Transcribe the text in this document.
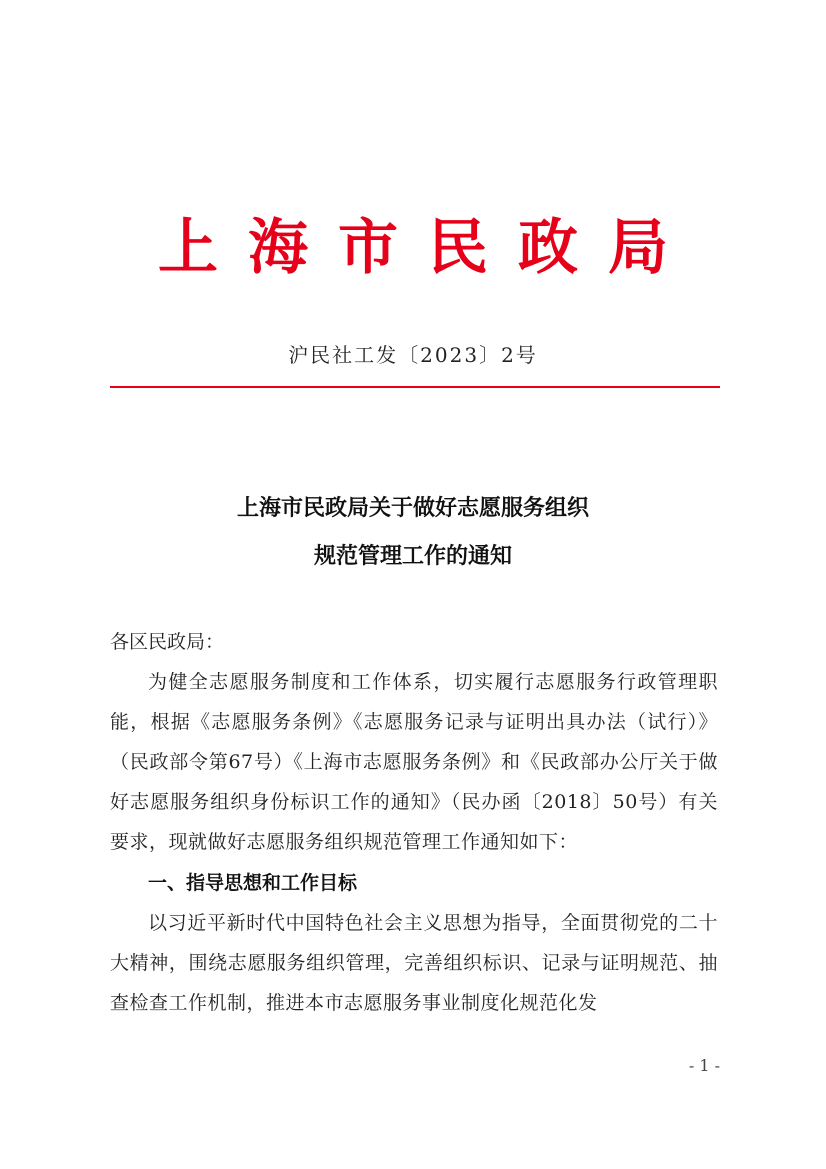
上海市民政局
沪民社工发〔2023〕2号
上海市民政局关于做好志愿服务组织
规范管理工作的通知
各区民政局：
为健全志愿服务制度和工作体系，切实履行志愿服务行政管理职能，根据《志愿服务条例》《志愿服务记录与证明出具办法（试行）》（民政部令第67号）《上海市志愿服务条例》和《民政部办公厅关于做好志愿服务组织身份标识工作的通知》（民办函〔2018〕50号）有关要求，现就做好志愿服务组织规范管理工作通知如下：
一、指导思想和工作目标
以习近平新时代中国特色社会主义思想为指导，全面贯彻党的二十大精神，围绕志愿服务组织管理，完善组织标识、记录与证明规范、抽查检查工作机制，推进本市志愿服务事业制度化规范化发
- 1 -
